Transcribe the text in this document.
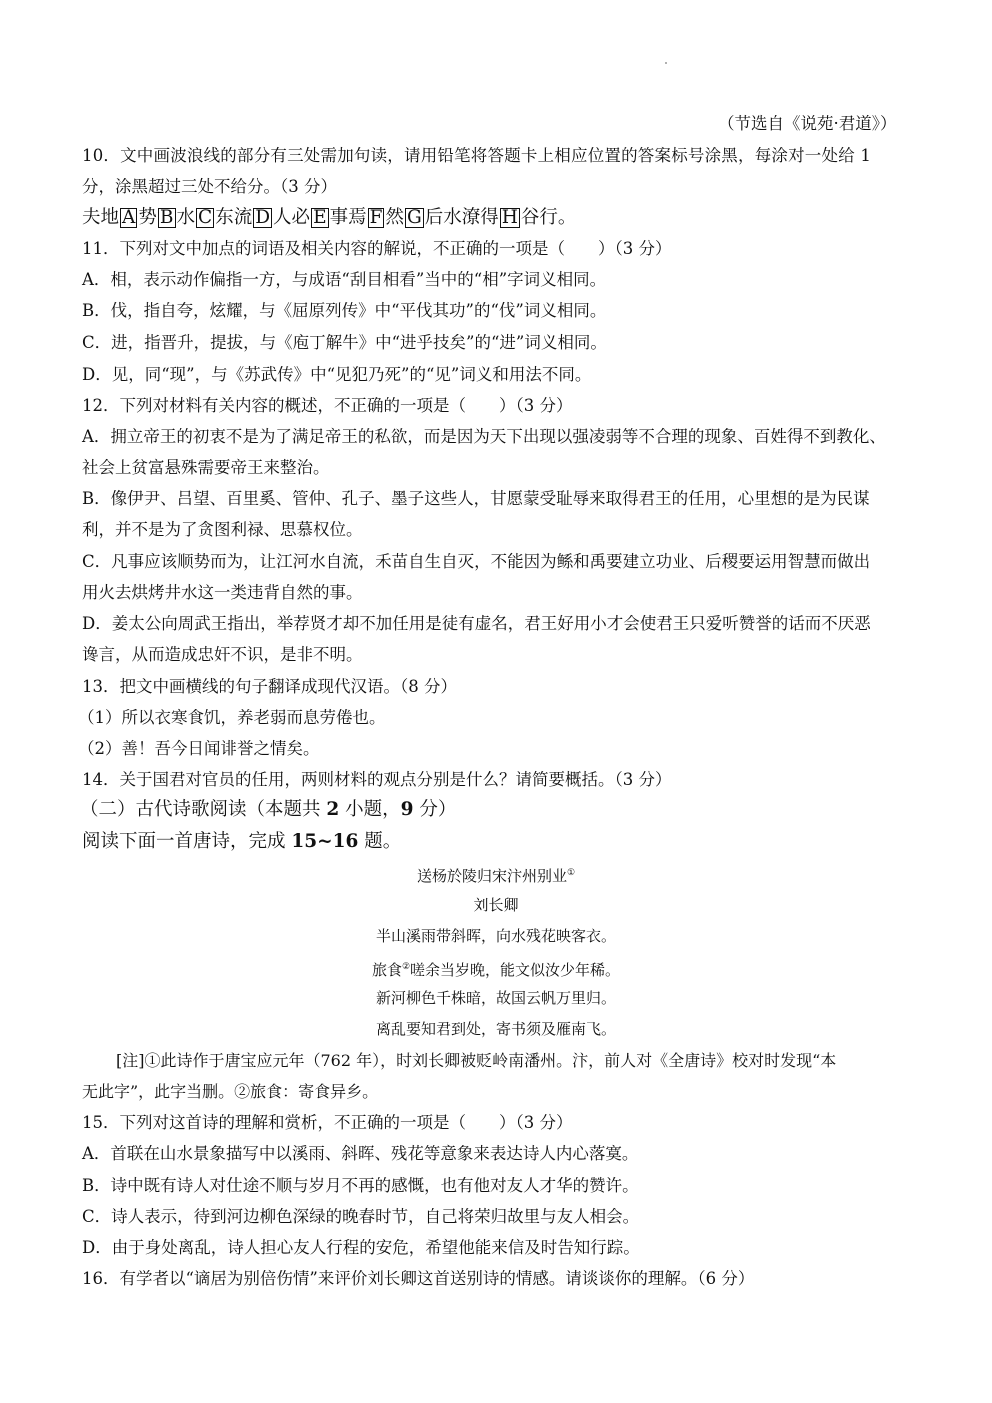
（节选自《说苑·君道》）
10．文中画波浪线的部分有三处需加句读，请用铅笔将答题卡上相应位置的答案标号涂黑，每涂对一处给 1
分，涂黑超过三处不给分。（3 分）
夫地 A 势 B 水 C 东流 D 人必 E 事焉 F 然 G 后水潦得 H 谷行。
11．下列对文中加点的词语及相关内容的解说，不正确的一项是（　　）（3 分）
A．相，表示动作偏指一方，与成语“刮目相看”当中的“相”字词义相同。
B．伐，指自夸，炫耀，与《屈原列传》中“平伐其功”的“伐”词义相同。
C．进，指晋升，提拔，与《庖丁解牛》中“进乎技矣”的“进”词义相同。
D．见，同“现”，与《苏武传》中“见犯乃死”的“见”词义和用法不同。
12．下列对材料有关内容的概述，不正确的一项是（　　）（3 分）
A．拥立帝王的初衷不是为了满足帝王的私欲，而是因为天下出现以强凌弱等不合理的现象、百姓得不到教化、
社会上贫富悬殊需要帝王来整治。
B．像伊尹、吕望、百里奚、管仲、孔子、墨子这些人，甘愿蒙受耻辱来取得君王的任用，心里想的是为民谋
利，并不是为了贪图利禄、思慕权位。
C．凡事应该顺势而为，让江河水自流，禾苗自生自灭，不能因为鲧和禹要建立功业、后稷要运用智慧而做出
用火去烘烤井水这一类违背自然的事。
D．姜太公向周武王指出，举荐贤才却不加任用是徒有虚名，君王好用小才会使君王只爱听赞誉的话而不厌恶
谗言，从而造成忠奸不识，是非不明。
13．把文中画横线的句子翻译成现代汉语。（8 分）
（1）所以衣寒食饥，养老弱而息劳倦也。
（2）善！吾今日闻诽誉之情矣。
14．关于国君对官员的任用，两则材料的观点分别是什么？请简要概括。（3 分）
（二）古代诗歌阅读（本题共 2 小题，9 分）
阅读下面一首唐诗，完成 15~16 题。
送杨於陵归宋汴州别业①
刘长卿
半山溪雨带斜晖，向水残花映客衣。
旅食②嗟余当岁晚，能文似汝少年稀。
新河柳色千株暗，故国云帆万里归。
离乱要知君到处，寄书须及雁南飞。
[注]①此诗作于唐宝应元年（762 年），时刘长卿被贬岭南潘州。汴，前人对《全唐诗》校对时发现“本
无此字”，此字当删。②旅食：寄食异乡。
15．下列对这首诗的理解和赏析，不正确的一项是（　　）（3 分）
A．首联在山水景象描写中以溪雨、斜晖、残花等意象来表达诗人内心落寞。
B．诗中既有诗人对仕途不顺与岁月不再的感慨，也有他对友人才华的赞许。
C．诗人表示，待到河边柳色深绿的晚春时节，自己将荣归故里与友人相会。
D．由于身处离乱，诗人担心友人行程的安危，希望他能来信及时告知行踪。
16．有学者以“谪居为别倍伤情”来评价刘长卿这首送别诗的情感。请谈谈你的理解。（6 分）
